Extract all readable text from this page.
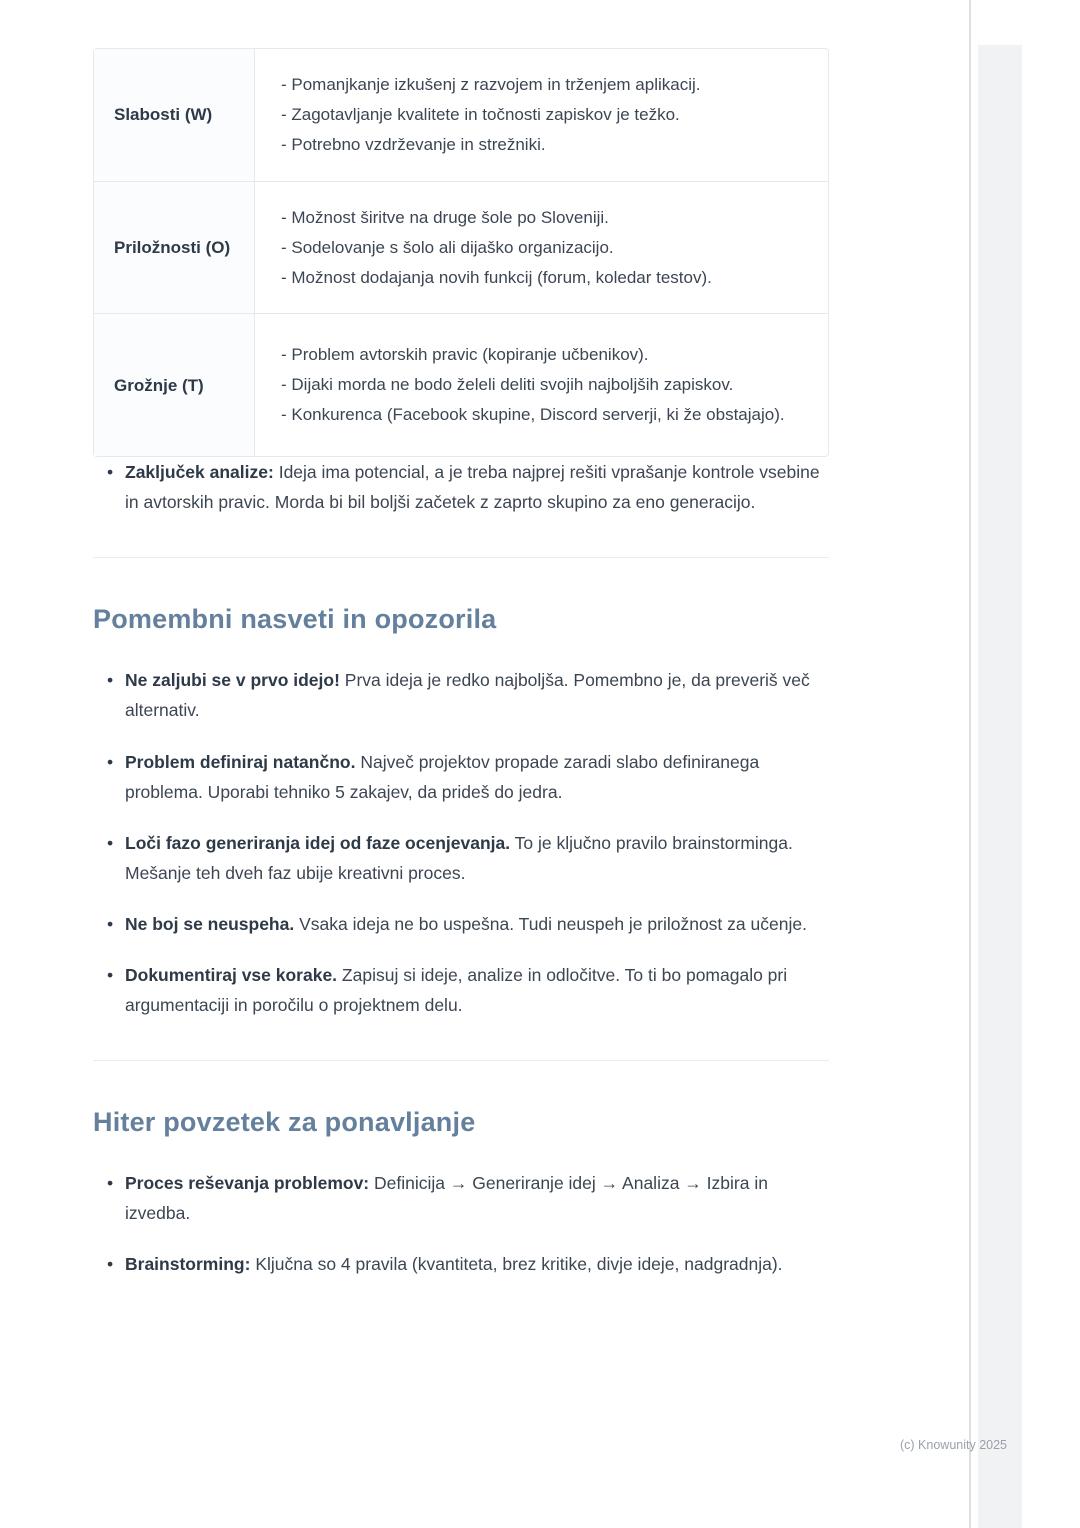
Slabosti (W)
- Pomanjkanje izkušenj z razvojem in trženjem aplikacij.
- Zagotavljanje kvalitete in točnosti zapiskov je težko.
- Potrebno vzdrževanje in strežniki.
Priložnosti (O)
- Možnost širitve na druge šole po Sloveniji.
- Sodelovanje s šolo ali dijaško organizacijo.
- Možnost dodajanja novih funkcij (forum, koledar testov).
Grožnje (T)
- Problem avtorskih pravic (kopiranje učbenikov).
- Dijaki morda ne bodo želeli deliti svojih najboljših zapiskov.
- Konkurenca (Facebook skupine, Discord serverji, ki že obstajajo).
• Zaključek analize: Ideja ima potencial, a je treba najprej rešiti vprašanje kontrole vsebine in avtorskih pravic. Morda bi bil boljši začetek z zaprto skupino za eno generacijo.
Pomembni nasveti in opozorila
• Ne zaljubi se v prvo idejo! Prva ideja je redko najboljša. Pomembno je, da preveriš več alternativ.
• Problem definiraj natančno. Največ projektov propade zaradi slabo definiranega problema. Uporabi tehniko 5 zakajev, da prideš do jedra.
• Loči fazo generiranja idej od faze ocenjevanja. To je ključno pravilo brainstorminga. Mešanje teh dveh faz ubije kreativni proces.
• Ne boj se neuspeha. Vsaka ideja ne bo uspešna. Tudi neuspeh je priložnost za učenje.
• Dokumentiraj vse korake. Zapisuj si ideje, analize in odločitve. To ti bo pomagalo pri argumentaciji in poročilu o projektnem delu.
Hiter povzetek za ponavljanje
• Proces reševanja problemov: Definicija → Generiranje idej → Analiza → Izbira in izvedba.
• Brainstorming: Ključna so 4 pravila (kvantiteta, brez kritike, divje ideje, nadgradnja).
(c) Knowunity 2025
